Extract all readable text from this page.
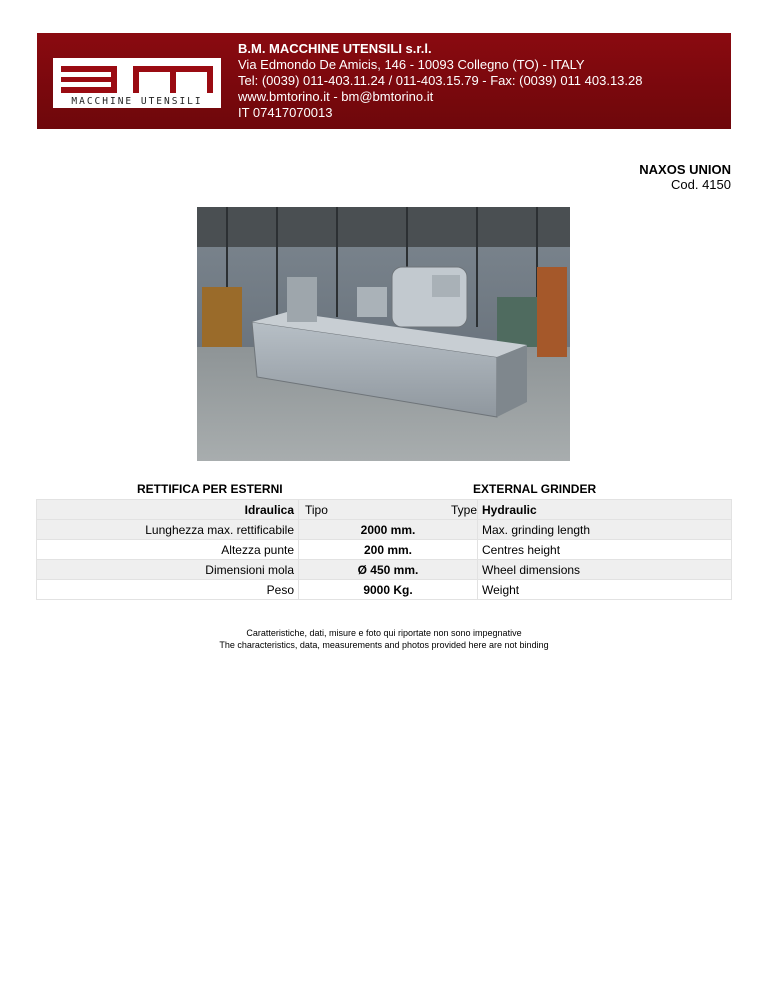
MACCHINE UTENSILI
B.M. MACCHINE UTENSILI s.r.l.
Via Edmondo De Amicis, 146 - 10093 Collegno (TO) - ITALY
Tel: (0039) 011-403.11.24 / 011-403.15.79 - Fax: (0039) 011 403.13.28
www.bmtorino.it - bm@bmtorino.it
IT 07417070013
NAXOS UNION
Cod. 4150
RETTIFICA PER ESTERNI	EXTERNAL GRINDER
Idraulica	Tipo Type	Hydraulic
Lunghezza max. rettificabile	2000 mm.	Max. grinding length
Altezza punte	200 mm.	Centres height
Dimensioni mola	Ø 450 mm.	Wheel dimensions
Peso	9000 Kg.	Weight
Caratteristiche, dati, misure e foto qui riportate non sono impegnative
The characteristics, data, measurements and photos provided here are not binding
